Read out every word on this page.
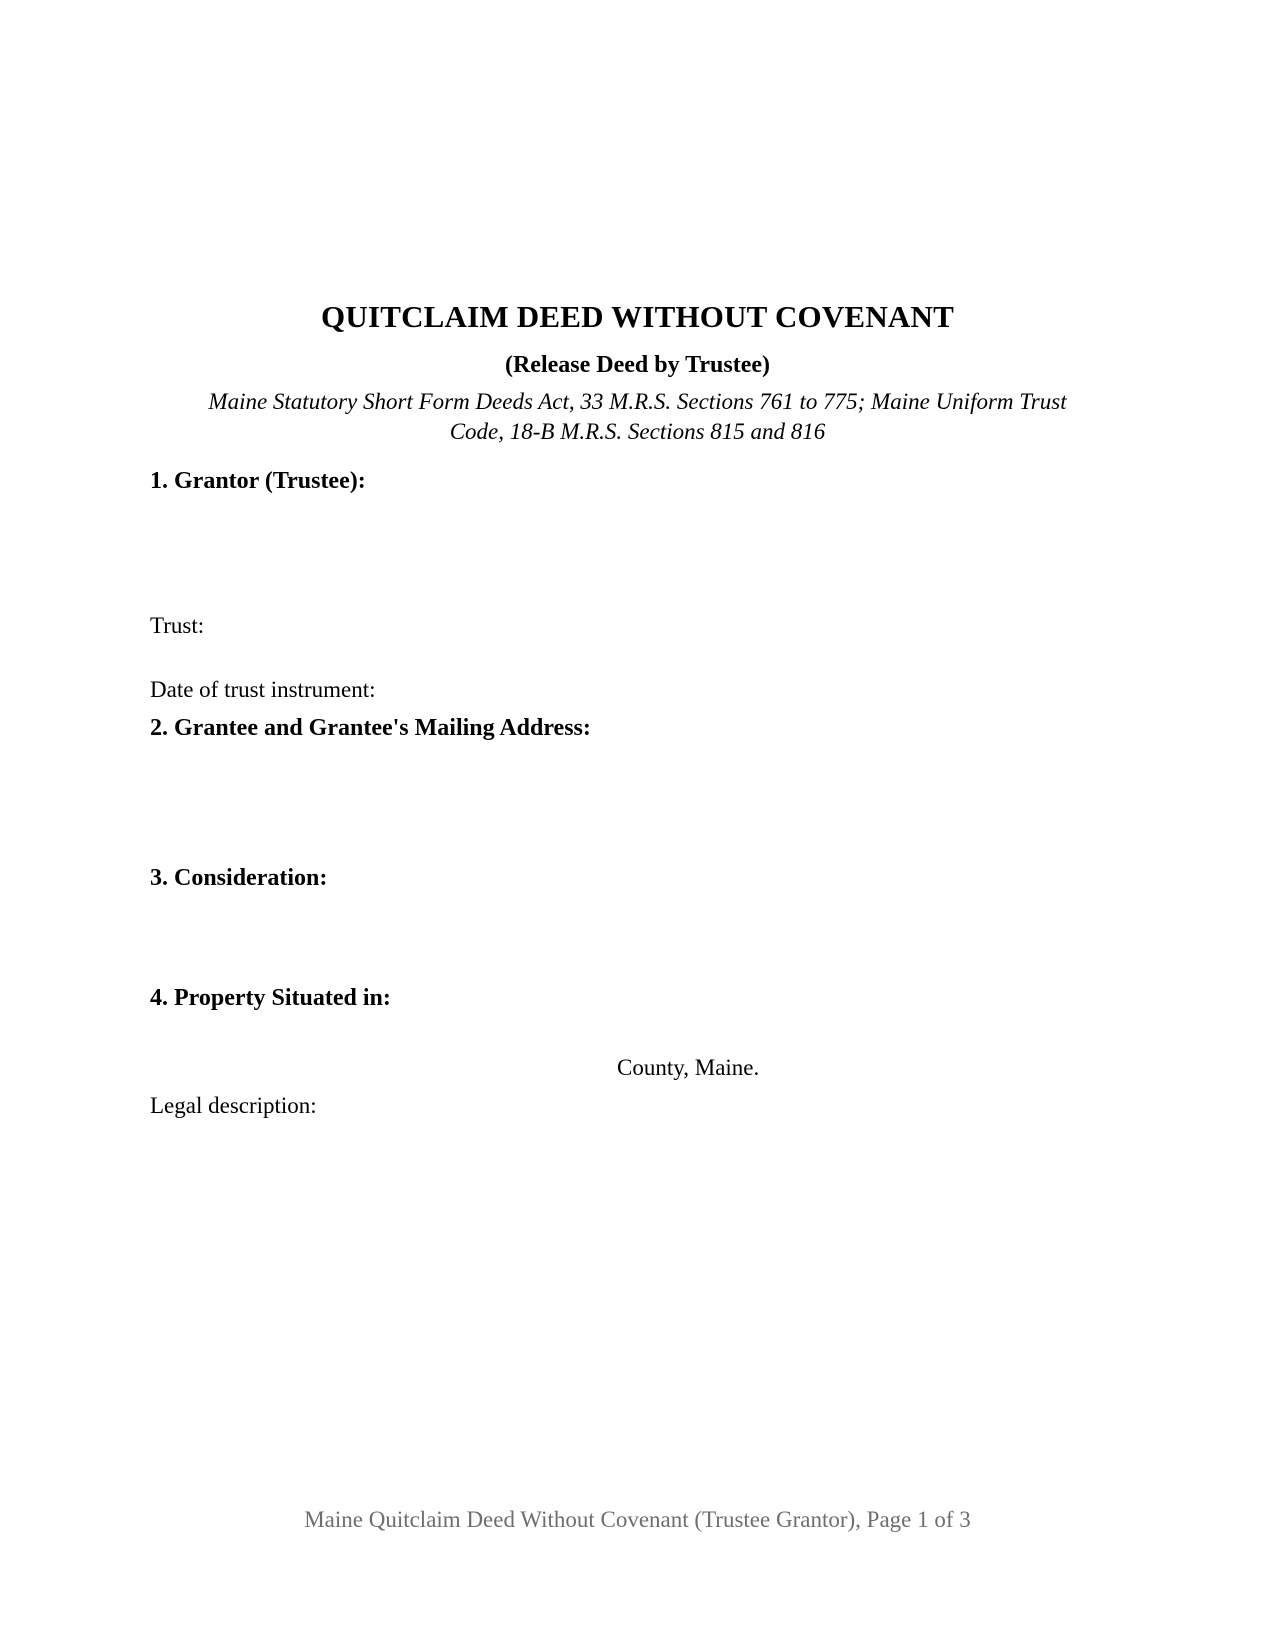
QUITCLAIM DEED WITHOUT COVENANT
(Release Deed by Trustee)
Maine Statutory Short Form Deeds Act, 33 M.R.S. Sections 761 to 775; Maine Uniform Trust
Code, 18-B M.R.S. Sections 815 and 816
1. Grantor (Trustee):
Trust:
Date of trust instrument:
2. Grantee and Grantee's Mailing Address:
3. Consideration:
4. Property Situated in:
County, Maine.
Legal description:
Maine Quitclaim Deed Without Covenant (Trustee Grantor), Page 1 of 3
